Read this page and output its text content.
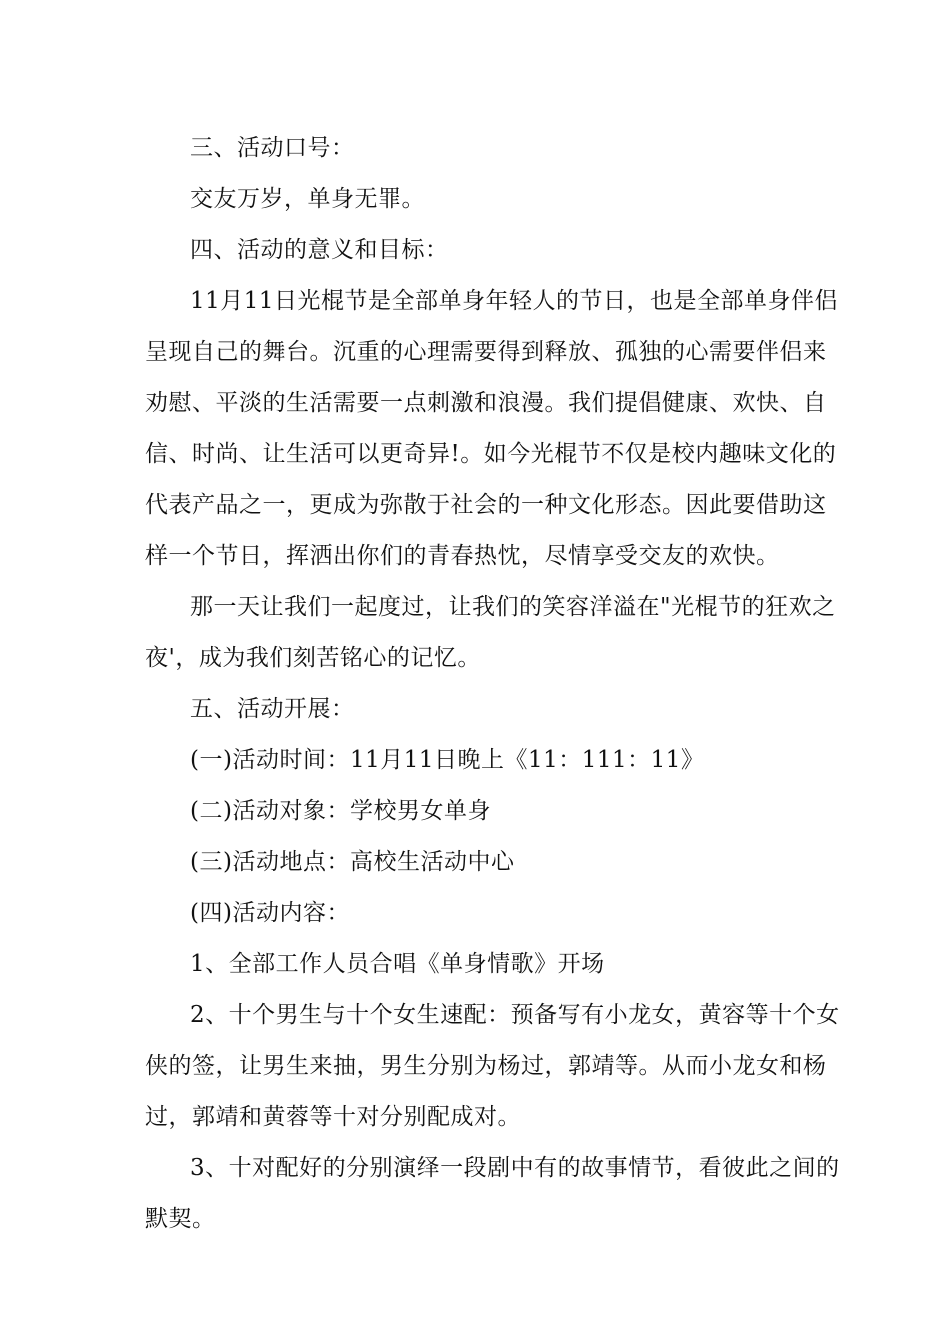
三、活动口号：

交友万岁，单身无罪。

四、活动的意义和目标：

11月11日光棍节是全部单身年轻人的节日，也是全部单身伴侣

呈现自己的舞台。沉重的心理需要得到释放、孤独的心需要伴侣来

劝慰、平淡的生活需要一点刺激和浪漫。我们提倡健康、欢快、自

信、时尚、让生活可以更奇异!。如今光棍节不仅是校内趣味文化的

代表产品之一，更成为弥散于社会的一种文化形态。因此要借助这

样一个节日，挥洒出你们的青春热忱，尽情享受交友的欢快。

那一天让我们一起度过，让我们的笑容洋溢在"光棍节的狂欢之

夜'，成为我们刻苦铭心的记忆。

五、活动开展：

(一)活动时间：11月11日晚上《11：111：11》

(二)活动对象：学校男女单身

(三)活动地点：高校生活动中心

(四)活动内容：

1、全部工作人员合唱《单身情歌》开场

2、十个男生与十个女生速配：预备写有小龙女，黄容等十个女

侠的签，让男生来抽，男生分别为杨过，郭靖等。从而小龙女和杨

过，郭靖和黄蓉等十对分别配成对。

3、十对配好的分别演绎一段剧中有的故事情节，看彼此之间的

默契。
